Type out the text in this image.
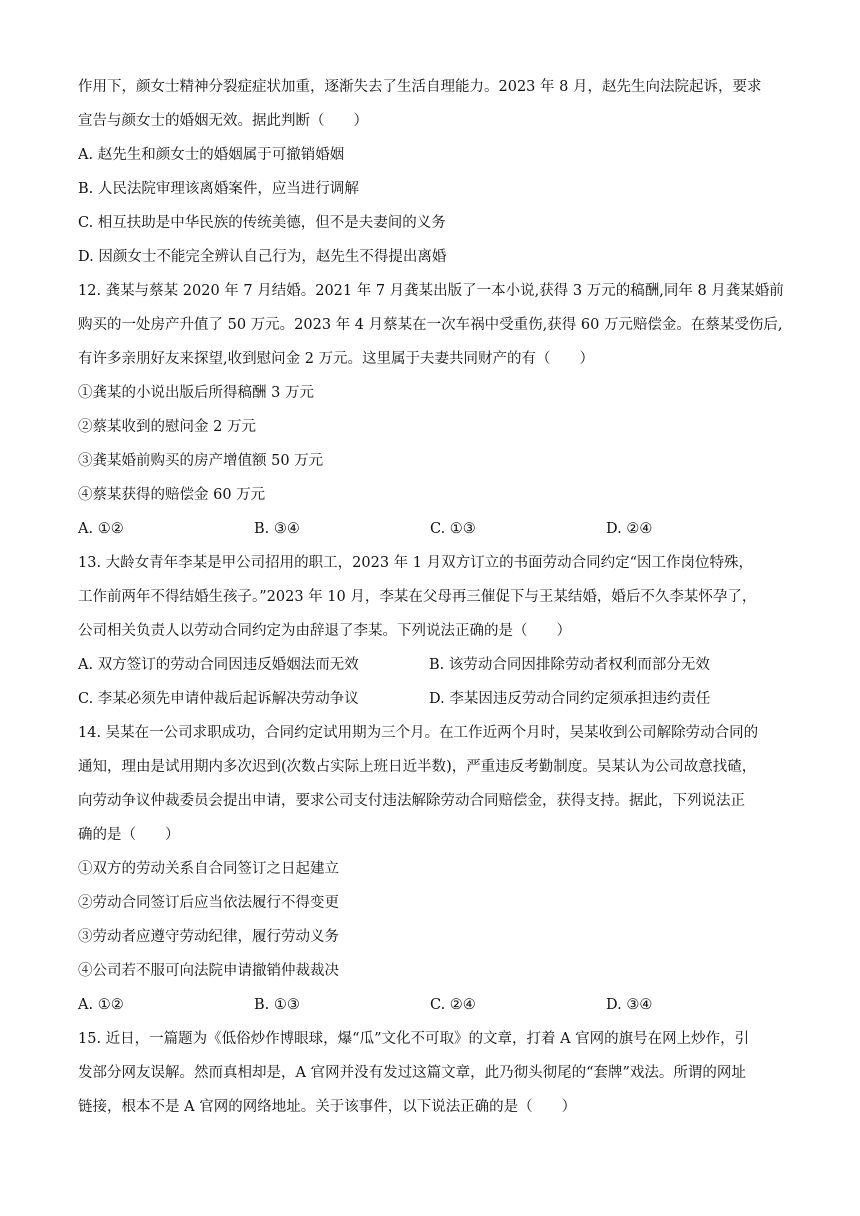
作用下，颜女士精神分裂症症状加重，逐渐失去了生活自理能力。2023 年 8 月，赵先生向法院起诉，要求
宣告与颜女士的婚姻无效。据此判断（　　）
A. 赵先生和颜女士的婚姻属于可撤销婚姻
B. 人民法院审理该离婚案件，应当进行调解
C. 相互扶助是中华民族的传统美德，但不是夫妻间的义务
D. 因颜女士不能完全辨认自己行为，赵先生不得提出离婚
12. 龚某与蔡某 2020 年 7 月结婚。2021 年 7 月龚某出版了一本小说,获得 3 万元的稿酬,同年 8 月龚某婚前
购买的一处房产升值了 50 万元。2023 年 4 月蔡某在一次车祸中受重伤,获得 60 万元赔偿金。在蔡某受伤后,
有许多亲朋好友来探望,收到慰问金 2 万元。这里属于夫妻共同财产的有（　　）
①龚某的小说出版后所得稿酬 3 万元
②蔡某收到的慰问金 2 万元
③龚某婚前购买的房产增值额 50 万元
④蔡某获得的赔偿金 60 万元
A. ①②	B. ③④	C. ①③	D. ②④
13. 大龄女青年李某是甲公司招用的职工，2023 年 1 月双方订立的书面劳动合同约定“因工作岗位特殊，
工作前两年不得结婚生孩子。”2023 年 10 月，李某在父母再三催促下与王某结婚，婚后不久李某怀孕了，
公司相关负责人以劳动合同约定为由辞退了李某。下列说法正确的是（　　）
A. 双方签订的劳动合同因违反婚姻法而无效	B. 该劳动合同因排除劳动者权利而部分无效
C. 李某必须先申请仲裁后起诉解决劳动争议	D. 李某因违反劳动合同约定须承担违约责任
14. 吴某在一公司求职成功，合同约定试用期为三个月。在工作近两个月时，吴某收到公司解除劳动合同的
通知，理由是试用期内多次迟到(次数占实际上班日近半数)，严重违反考勤制度。吴某认为公司故意找碴，
向劳动争议仲裁委员会提出申请，要求公司支付违法解除劳动合同赔偿金，获得支持。据此，下列说法正
确的是（　　）
①双方的劳动关系自合同签订之日起建立
②劳动合同签订后应当依法履行不得变更
③劳动者应遵守劳动纪律，履行劳动义务
④公司若不服可向法院申请撤销仲裁裁决
A. ①②	B. ①③	C. ②④	D. ③④
15. 近日，一篇题为《低俗炒作博眼球，爆“瓜”文化不可取》的文章，打着 A 官网的旗号在网上炒作，引
发部分网友误解。然而真相却是，A 官网并没有发过这篇文章，此乃彻头彻尾的“套牌”戏法。所谓的网址
链接，根本不是 A 官网的网络地址。关于该事件，以下说法正确的是（　　）
